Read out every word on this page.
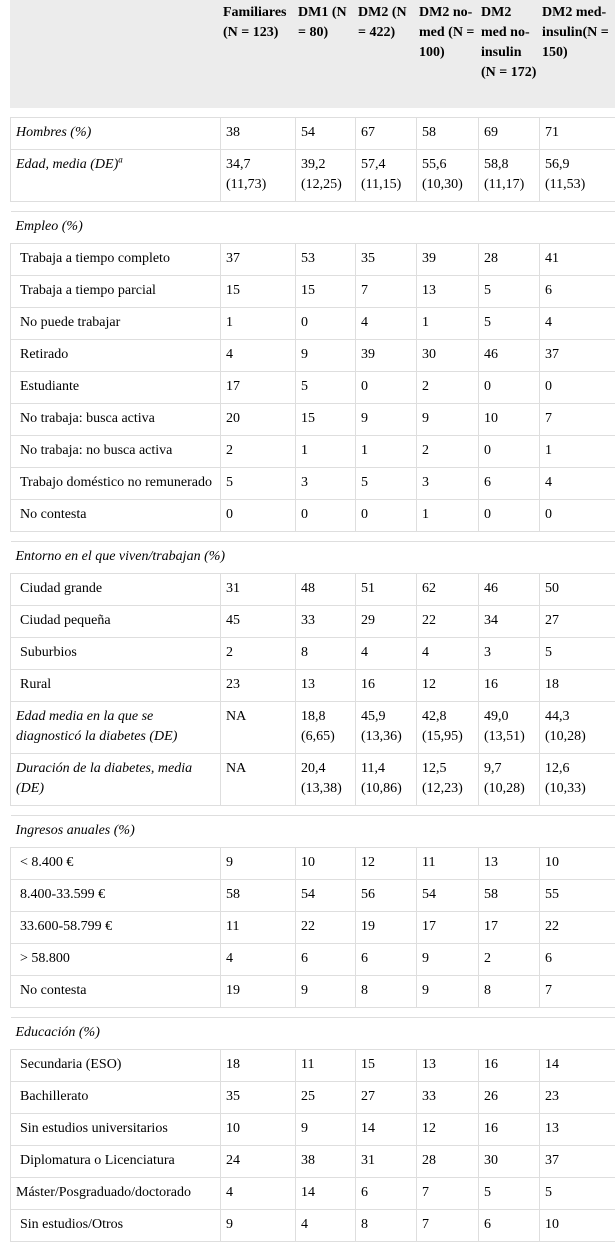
	Familiares (N = 123)	DM1 (N = 80)	DM2 (N = 422)	DM2 no-med (N = 100)	DM2 med no-insulin (N = 172)	DM2 med-insulin(N = 150)

Hombres (%)	38	54	67	58	69	71
Edad, media (DE)$^a$	34,7 (11,73)	39,2 (12,25)	57,4 (11,15)	55,6 (10,30)	58,8 (11,17)	56,9 (11,53)

Empleo (%)						
Trabaja a tiempo completo	37	53	35	39	28	41
Trabaja a tiempo parcial	15	15	7	13	5	6
No puede trabajar	1	0	4	1	5	4
Retirado	4	9	39	30	46	37
Estudiante	17	5	0	2	0	0
No trabaja: busca activa	20	15	9	9	10	7
No trabaja: no busca activa	2	1	1	2	0	1
Trabajo doméstico no remunerado	5	3	5	3	6	4
No contesta	0	0	0	1	0	0

Entorno en el que viven/trabajan (%)						
Ciudad grande	31	48	51	62	46	50
Ciudad pequeña	45	33	29	22	34	27
Suburbios	2	8	4	4	3	5
Rural	23	13	16	12	16	18
Edad media en la que se diagnosticó la diabetes (DE)	NA	18,8 (6,65)	45,9 (13,36)	42,8 (15,95)	49,0 (13,51)	44,3 (10,28)
Duración de la diabetes, media (DE)	NA	20,4 (13,38)	11,4 (10,86)	12,5 (12,23)	9,7 (10,28)	12,6 (10,33)

Ingresos anuales (%)						
< 8.400 €	9	10	12	11	13	10
8.400-33.599 €	58	54	56	54	58	55
33.600-58.799 €	11	22	19	17	17	22
> 58.800	4	6	6	9	2	6
No contesta	19	9	8	9	8	7

Educación (%)						
Secundaria (ESO)	18	11	15	13	16	14
Bachillerato	35	25	27	33	26	23
Sin estudios universitarios	10	9	14	12	16	13
Diplomatura o Licenciatura	24	38	31	28	30	37
Máster/Posgraduado/doctorado	4	14	6	7	5	5
Sin estudios/Otros	9	4	8	7	6	10
